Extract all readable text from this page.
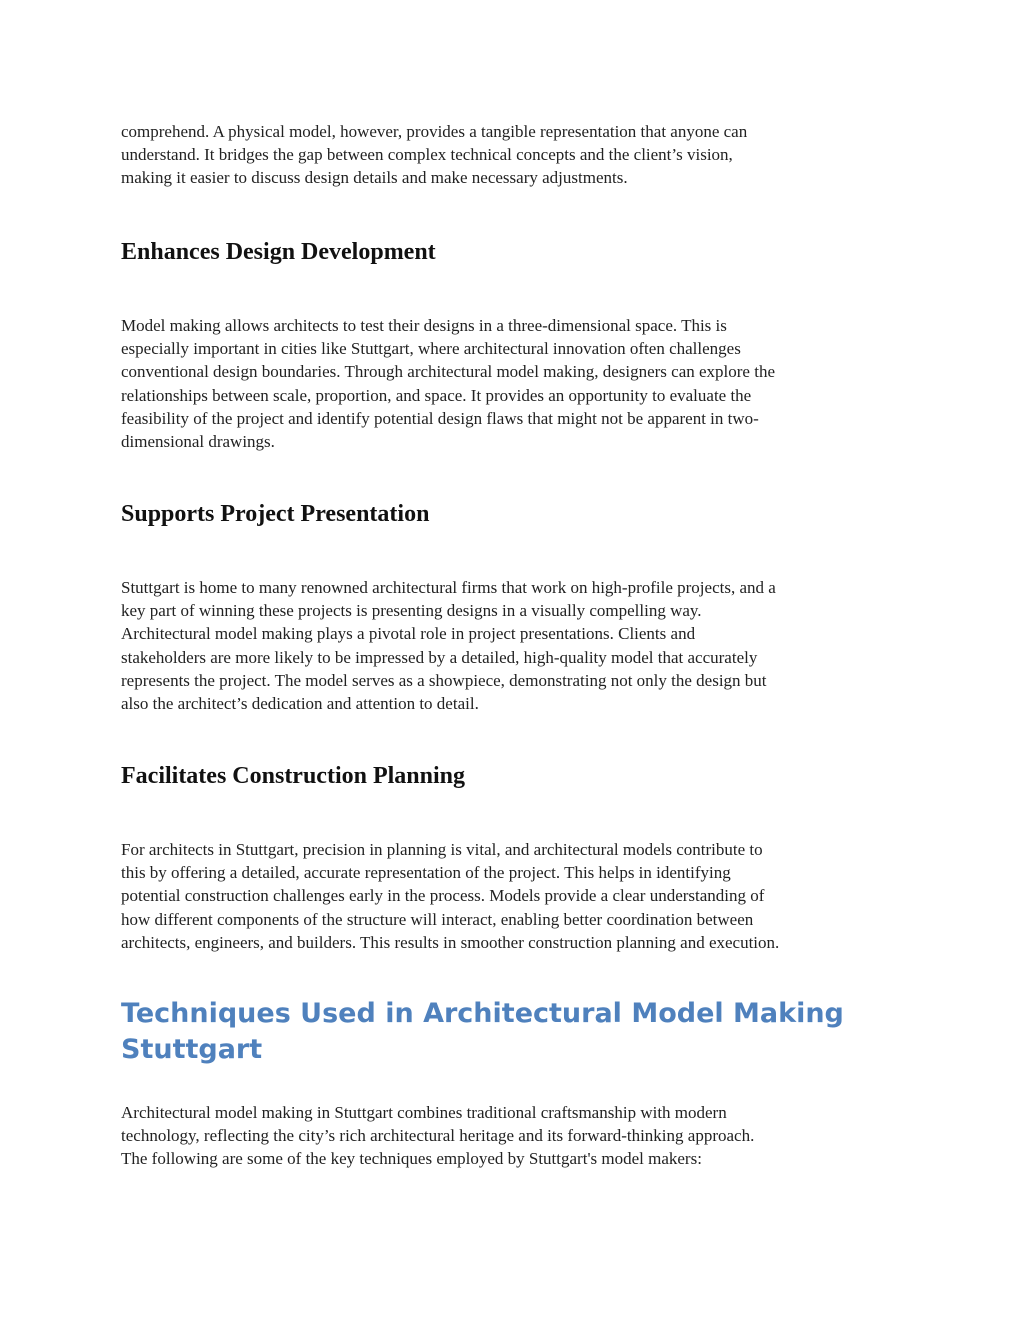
comprehend. A physical model, however, provides a tangible representation that anyone can
understand. It bridges the gap between complex technical concepts and the client’s vision,
making it easier to discuss design details and make necessary adjustments.

Enhances Design Development

Model making allows architects to test their designs in a three-dimensional space. This is
especially important in cities like Stuttgart, where architectural innovation often challenges
conventional design boundaries. Through architectural model making, designers can explore the
relationships between scale, proportion, and space. It provides an opportunity to evaluate the
feasibility of the project and identify potential design flaws that might not be apparent in two-
dimensional drawings.

Supports Project Presentation

Stuttgart is home to many renowned architectural firms that work on high-profile projects, and a
key part of winning these projects is presenting designs in a visually compelling way.
Architectural model making plays a pivotal role in project presentations. Clients and
stakeholders are more likely to be impressed by a detailed, high-quality model that accurately
represents the project. The model serves as a showpiece, demonstrating not only the design but
also the architect’s dedication and attention to detail.

Facilitates Construction Planning

For architects in Stuttgart, precision in planning is vital, and architectural models contribute to
this by offering a detailed, accurate representation of the project. This helps in identifying
potential construction challenges early in the process. Models provide a clear understanding of
how different components of the structure will interact, enabling better coordination between
architects, engineers, and builders. This results in smoother construction planning and execution.

Techniques Used in Architectural Model Making
Stuttgart

Architectural model making in Stuttgart combines traditional craftsmanship with modern
technology, reflecting the city’s rich architectural heritage and its forward-thinking approach.
The following are some of the key techniques employed by Stuttgart's model makers:
